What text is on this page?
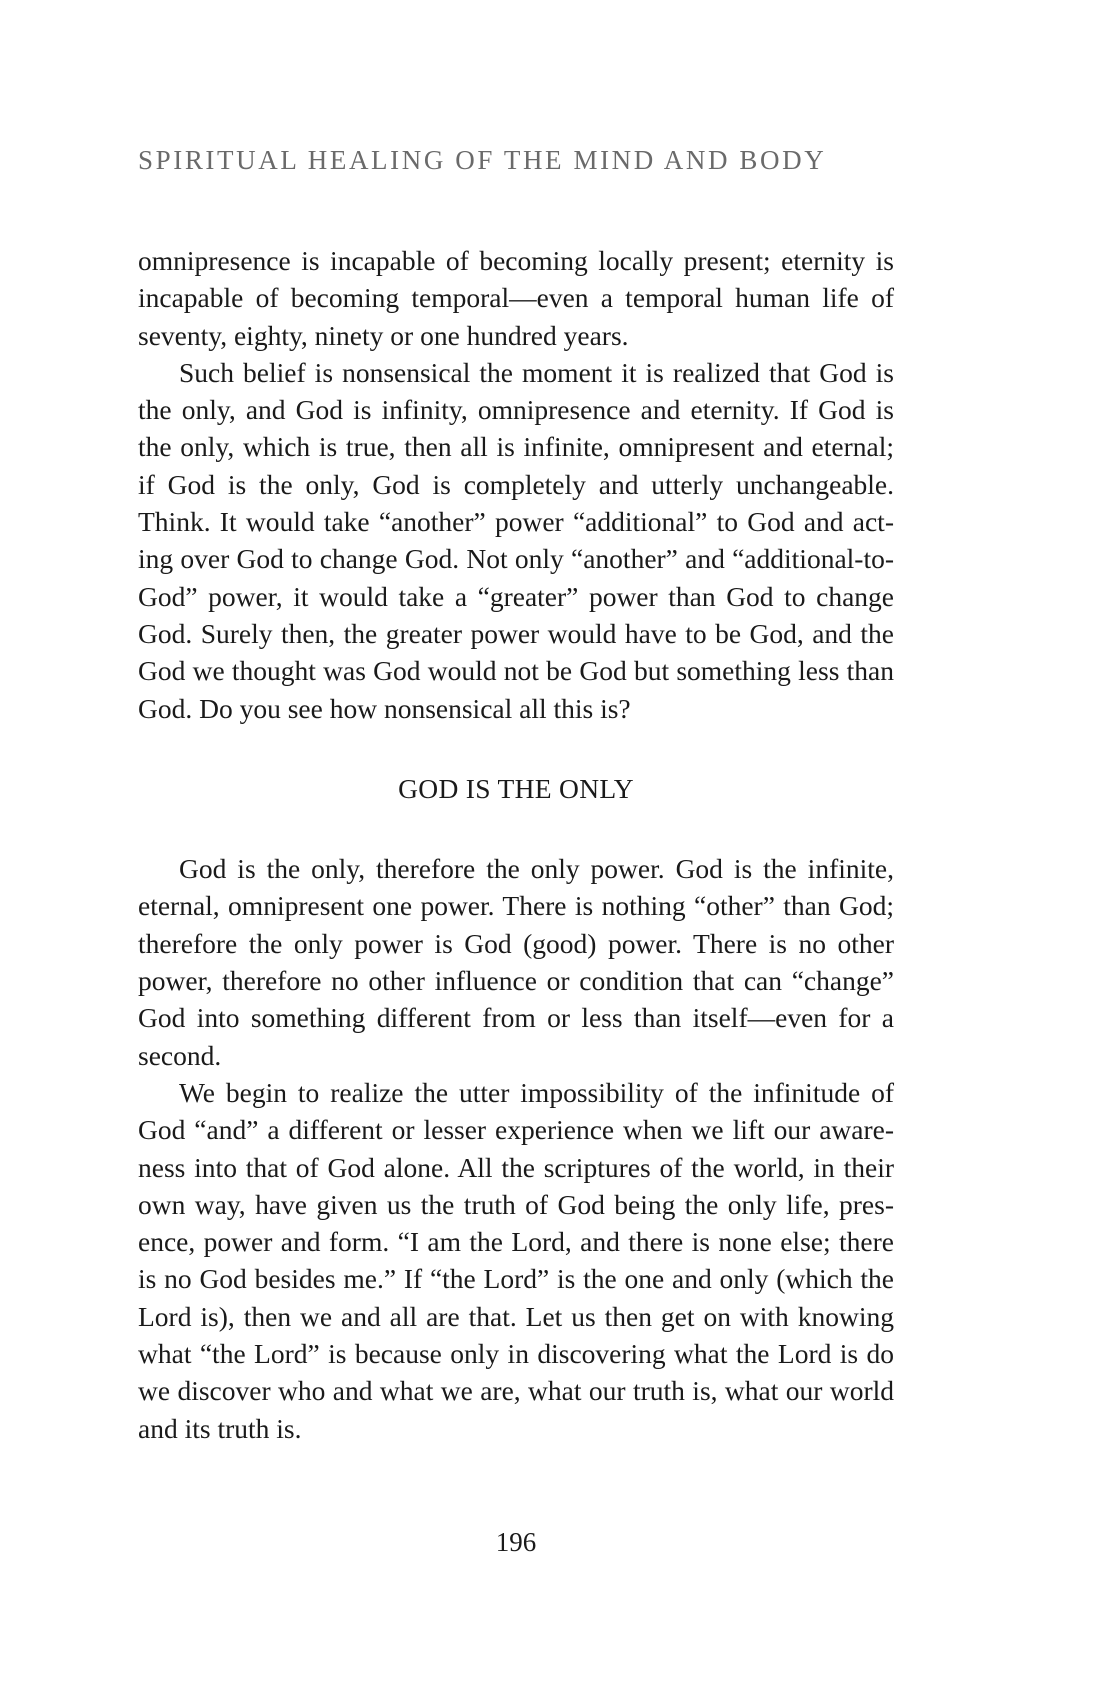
SPIRITUAL HEALING OF THE MIND AND BODY

omnipresence is incapable of becoming locally present; eternity is incapable of becoming temporal—even a temporal human life of seventy, eighty, ninety or one hundred years.

Such belief is nonsensical the moment it is realized that God is the only, and God is infinity, omnipresence and eternity. If God is the only, which is true, then all is infinite, omnipresent and eternal; if God is the only, God is completely and utterly unchangeable. Think. It would take “another” power “additional” to God and acting over God to change God. Not only “another” and “additional-to-God” power, it would take a “greater” power than God to change God. Surely then, the greater power would have to be God, and the God we thought was God would not be God but something less than God. Do you see how nonsensical all this is?

GOD IS THE ONLY

God is the only, therefore the only power. God is the infinite, eternal, omnipresent one power. There is nothing “other” than God; therefore the only power is God (good) power. There is no other power, therefore no other influence or condition that can “change” God into something different from or less than itself—even for a second.

We begin to realize the utter impossibility of the infinitude of God “and” a different or lesser experience when we lift our awareness into that of God alone. All the scriptures of the world, in their own way, have given us the truth of God being the only life, presence, power and form. “I am the Lord, and there is none else; there is no God besides me.” If “the Lord” is the one and only (which the Lord is), then we and all are that. Let us then get on with knowing what “the Lord” is because only in discovering what the Lord is do we discover who and what we are, what our truth is, what our world and its truth is.

196
